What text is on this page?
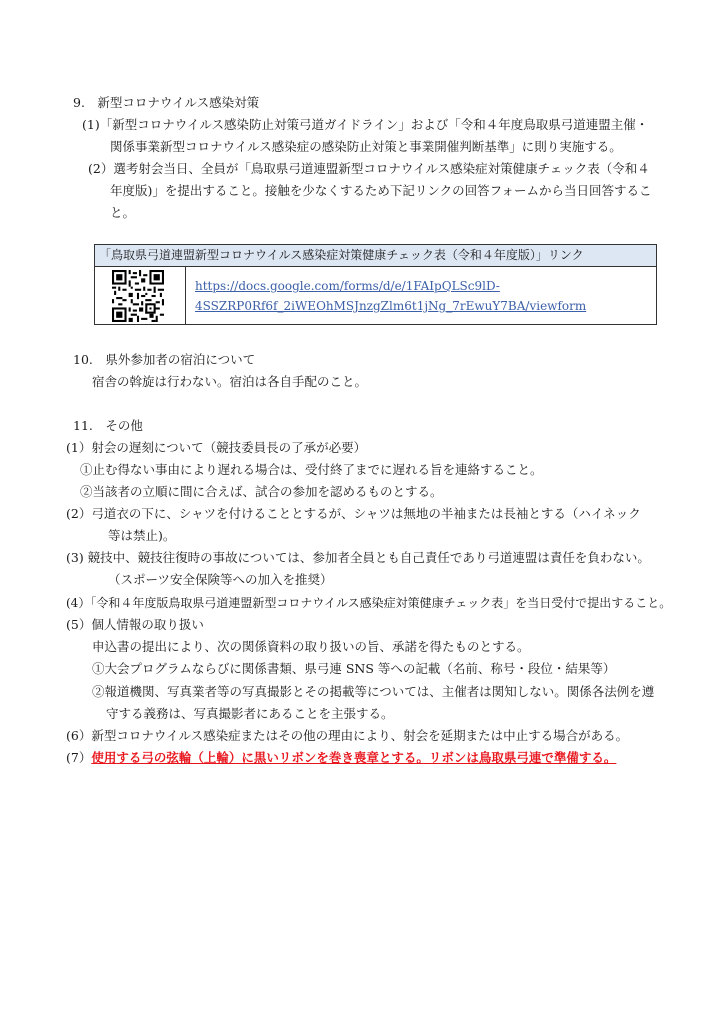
9.　新型コロナウイルス感染対策
(1)「新型コロナウイルス感染防止対策弓道ガイドライン」および「令和４年度鳥取県弓道連盟主催・
関係事業新型コロナウイルス感染症の感染防止対策と事業開催判断基準」に則り実施する。
(2）選考射会当日、全員が「鳥取県弓道連盟新型コロナウイルス感染症対策健康チェック表（令和４
年度版)」を提出すること。接触を少なくするため下記リンクの回答フォームから当日回答するこ
と。
「鳥取県弓道連盟新型コロナウイルス感染症対策健康チェック表（令和４年度版）」リンク
https://docs.google.com/forms/d/e/1FAIpQLSc9lD-
4SSZRP0Rf6f_2iWEOhMSJnzgZlm6t1jNg_7rEwuY7BA/viewform
10.　県外参加者の宿泊について
宿舎の斡旋は行わない。宿泊は各自手配のこと。
11.　その他
(1）射会の遅刻について（競技委員長の了承が必要）
①止む得ない事由により遅れる場合は、受付終了までに遅れる旨を連絡すること。
②当該者の立順に間に合えば、試合の参加を認めるものとする。
(2）弓道衣の下に、シャツを付けることとするが、シャツは無地の半袖または長袖とする（ハイネック
等は禁止)。
(3) 競技中、競技往復時の事故については、参加者全員とも自己責任であり弓道連盟は責任を負わない。
（スポーツ安全保険等への加入を推奨）
(4）「令和４年度版鳥取県弓道連盟新型コロナウイルス感染症対策健康チェック表」を当日受付で提出すること。
(5）個人情報の取り扱い
申込書の提出により、次の関係資料の取り扱いの旨、承諾を得たものとする。
①大会プログラムならびに関係書類、県弓連 SNS 等への記載（名前、称号・段位・結果等）
②報道機関、写真業者等の写真撮影とその掲載等については、主催者は関知しない。関係各法例を遵
守する義務は、写真撮影者にあることを主張する。
(6）新型コロナウイルス感染症またはその他の理由により、射会を延期または中止する場合がある。
(7）使用する弓の弦輪（上輪）に黒いリボンを巻き喪章とする。リボンは鳥取県弓連で準備する。
